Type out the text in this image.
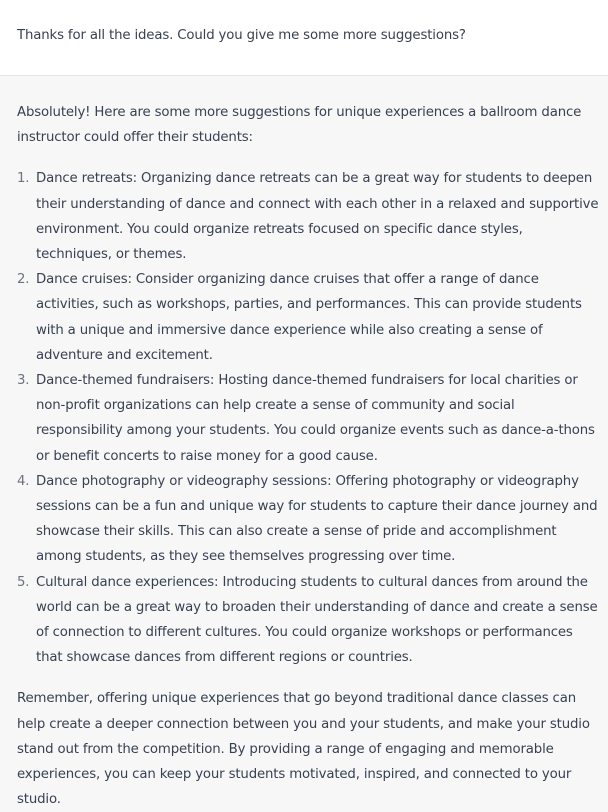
Thanks for all the ideas. Could you give me some more suggestions?

Absolutely! Here are some more suggestions for unique experiences a ballroom dance instructor could offer their students:

1. Dance retreats: Organizing dance retreats can be a great way for students to deepen their understanding of dance and connect with each other in a relaxed and supportive environment. You could organize retreats focused on specific dance styles, techniques, or themes.
2. Dance cruises: Consider organizing dance cruises that offer a range of dance activities, such as workshops, parties, and performances. This can provide students with a unique and immersive dance experience while also creating a sense of adventure and excitement.
3. Dance-themed fundraisers: Hosting dance-themed fundraisers for local charities or non-profit organizations can help create a sense of community and social responsibility among your students. You could organize events such as dance-a-thons or benefit concerts to raise money for a good cause.
4. Dance photography or videography sessions: Offering photography or videography sessions can be a fun and unique way for students to capture their dance journey and showcase their skills. This can also create a sense of pride and accomplishment among students, as they see themselves progressing over time.
5. Cultural dance experiences: Introducing students to cultural dances from around the world can be a great way to broaden their understanding of dance and create a sense of connection to different cultures. You could organize workshops or performances that showcase dances from different regions or countries.

Remember, offering unique experiences that go beyond traditional dance classes can help create a deeper connection between you and your students, and make your studio stand out from the competition. By providing a range of engaging and memorable experiences, you can keep your students motivated, inspired, and connected to your studio.
